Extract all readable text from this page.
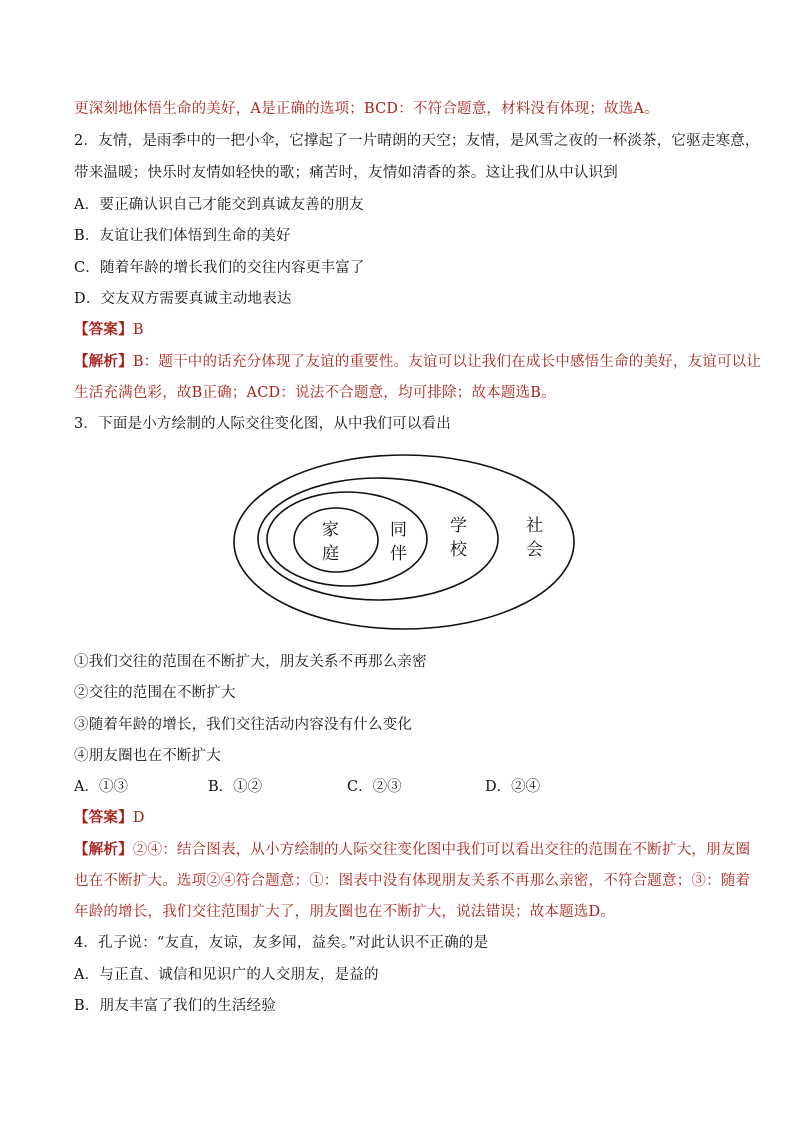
更深刻地体悟生命的美好，A是正确的选项；BCD：不符合题意，材料没有体现；故选A。
2．友情，是雨季中的一把小伞，它撑起了一片晴朗的天空；友情，是风雪之夜的一杯淡茶，它驱走寒意，
带来温暖；快乐时友情如轻快的歌；痛苦时，友情如清香的茶。这让我们从中认识到
A．要正确认识自己才能交到真诚友善的朋友
B．友谊让我们体悟到生命的美好
C．随着年龄的增长我们的交往内容更丰富了
D．交友双方需要真诚主动地表达
【答案】B
【解析】B：题干中的话充分体现了友谊的重要性。友谊可以让我们在成长中感悟生命的美好，友谊可以让
生活充满色彩，故B正确；ACD：说法不合题意，均可排除；故本题选B。
3．下面是小方绘制的人际交往变化图，从中我们可以看出
家
庭
同
伴
学
校
社
会
①我们交往的范围在不断扩大，朋友关系不再那么亲密
②交往的范围在不断扩大
③随着年龄的增长，我们交往活动内容没有什么变化
④朋友圈也在不断扩大
A．①③	B．①②	C．②③	D．②④
【答案】D
【解析】②④：结合图表，从小方绘制的人际交往变化图中我们可以看出交往的范围在不断扩大，朋友圈
也在不断扩大。选项②④符合题意；①：图表中没有体现朋友关系不再那么亲密，不符合题意；③：随着
年龄的增长，我们交往范围扩大了，朋友圈也在不断扩大，说法错误；故本题选D。
4．孔子说：“友直，友谅，友多闻，益矣。”对此认识不正确的是
A．与正直、诚信和见识广的人交朋友，是益的
B．朋友丰富了我们的生活经验
